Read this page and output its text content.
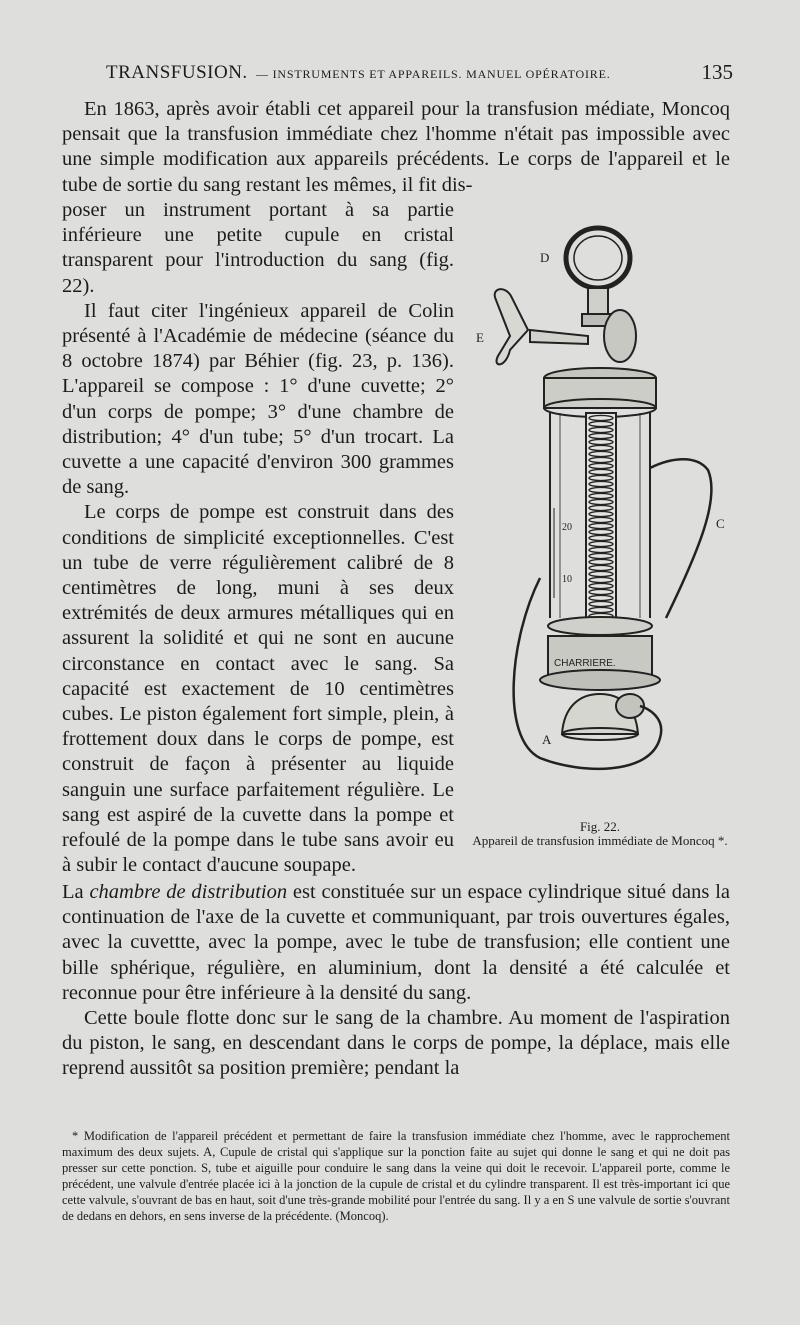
TRANSFUSION. — INSTRUMENTS ET APPAREILS. MANUEL OPÉRATOIRE.	135

En 1863, après avoir établi cet appareil pour la transfusion médiate, Moncoq pensait que la transfusion immédiate chez l'homme n'était pas impossible avec une simple modification aux appareils précédents. Le corps de l'appareil et le tube de sortie du sang restant les mêmes, il fit dis-

poser un instrument portant à sa partie inférieure une petite cupule en cristal transparent pour l'introduction du sang (fig. 22).

Il faut citer l'ingénieux appareil de Colin présenté à l'Académie de médecine (séance du 8 octobre 1874) par Béhier (fig. 23, p. 136). L'appareil se compose : 1° d'une cuvette; 2° d'un corps de pompe; 3° d'une chambre de distribution; 4° d'un tube; 5° d'un trocart. La cuvette a une capacité d'environ 300 grammes de sang.

Le corps de pompe est construit dans des conditions de simplicité exceptionnelles. C'est un tube de verre régulièrement calibré de 8 centimètres de long, muni à ses deux extrémités de deux armures métalliques qui en assurent la solidité et qui ne sont en aucune circonstance en contact avec le sang. Sa capacité est exactement de 10 centimètres cubes. Le piston également fort simple, plein, à frottement doux dans le corps de pompe, est construit de façon à présenter au liquide sanguin une surface parfaitement régulière. Le sang est aspiré de la cuvette dans la pompe et refoulé de la pompe dans le tube sans avoir eu à subir le contact d'aucune soupape.

D
E
C
A
20
10
CHARRIERE.
Fig. 22.
Appareil de transfusion immédiate de Moncoq *.

La chambre de distribution est constituée sur un espace cylindrique situé dans la continuation de l'axe de la cuvette et communiquant, par trois ouvertures égales, avec la cuvettte, avec la pompe, avec le tube de transfusion; elle contient une bille sphérique, régulière, en aluminium, dont la densité a été calculée et reconnue pour être inférieure à la densité du sang.

Cette boule flotte donc sur le sang de la chambre. Au moment de l'aspiration du piston, le sang, en descendant dans le corps de pompe, la déplace, mais elle reprend aussitôt sa position première; pendant la

* Modification de l'appareil précédent et permettant de faire la transfusion immédiate chez l'homme, avec le rapprochement maximum des deux sujets. A, Cupule de cristal qui s'applique sur la ponction faite au sujet qui donne le sang et qui ne doit pas presser sur cette ponction. S, tube et aiguille pour conduire le sang dans la veine qui doit le recevoir. L'appareil porte, comme le précédent, une valvule d'entrée placée ici à la jonction de la cupule de cristal et du cylindre transparent. Il est très-important ici que cette valvule, s'ouvrant de bas en haut, soit d'une très-grande mobilité pour l'entrée du sang. Il y a en S une valvule de sortie s'ouvrant de dedans en dehors, en sens inverse de la précédente. (Moncoq).
